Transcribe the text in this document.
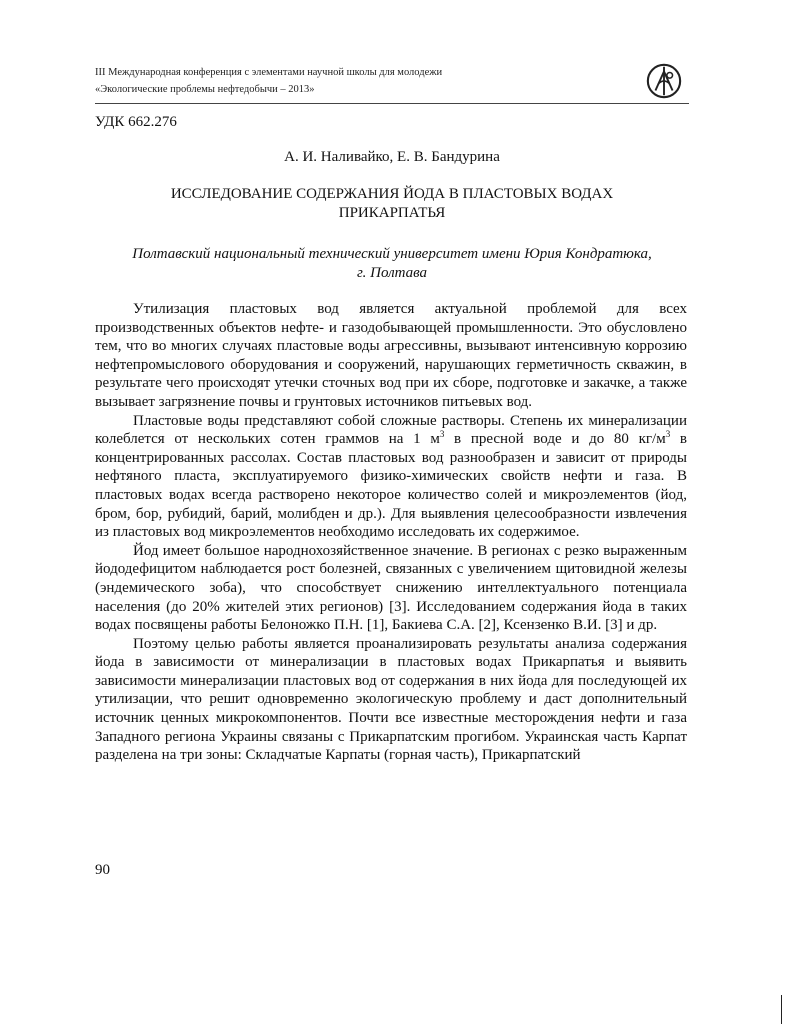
III Международная конференция с элементами научной школы для молодежи
«Экологические проблемы нефтедобычи – 2013»
УДК 662.276
А. И. Наливайко, Е. В. Бандурина
ИССЛЕДОВАНИЕ СОДЕРЖАНИЯ ЙОДА В ПЛАСТОВЫХ ВОДАХ
ПРИКАРПАТЬЯ
Полтавский национальный технический университет имени Юрия Кондратюка,
г. Полтава

Утилизация пластовых вод является актуальной проблемой для всех производственных объектов нефте- и газодобывающей промышленности. Это обусловлено тем, что во многих случаях пластовые воды агрессивны, вызывают интенсивную коррозию нефтепромыслового оборудования и сооружений, нарушающих герметичность скважин, в результате чего происходят утечки сточных вод при их сборе, подготовке и закачке, а также вызывает загрязнение почвы и грунтовых источников питьевых вод.

Пластовые воды представляют собой сложные растворы. Степень их минерализации колеблется от нескольких сотен граммов на 1 $м^3$ в пресной воде и до 80 $кг/м^3$ в концентрированных рассолах. Состав пластовых вод разнообразен и зависит от природы нефтяного пласта, эксплуатируемого физико-химических свойств нефти и газа. В пластовых водах всегда растворено некоторое количество солей и микроэлементов (йод, бром, бор, рубидий, барий, молибден и др.). Для выявления целесообразности извлечения из пластовых вод микроэлементов необходимо исследовать их содержимое.

Йод имеет большое народнохозяйственное значение. В регионах с резко выраженным йододефицитом наблюдается рост болезней, связанных с увеличением щитовидной железы (эндемического зоба), что способствует снижению интеллектуального потенциала населения (до 20% жителей этих регионов) [3]. Исследованием содержания йода в таких водах посвящены работы Белоножко П.Н. [1], Бакиева С.А. [2], Ксензенко В.И. [3] и др.

Поэтому целью работы является проанализировать результаты анализа содержания йода в зависимости от минерализации в пластовых водах Прикарпатья и выявить зависимости минерализации пластовых вод от содержания в них йода для последующей их утилизации, что решит одновременно экологическую проблему и даст дополнительный источник ценных микрокомпонентов. Почти все известные месторождения нефти и газа Западного региона Украины связаны с Прикарпатским прогибом. Украинская часть Карпат разделена на три зоны: Складчатые Карпаты (горная часть), Прикарпатский

90
